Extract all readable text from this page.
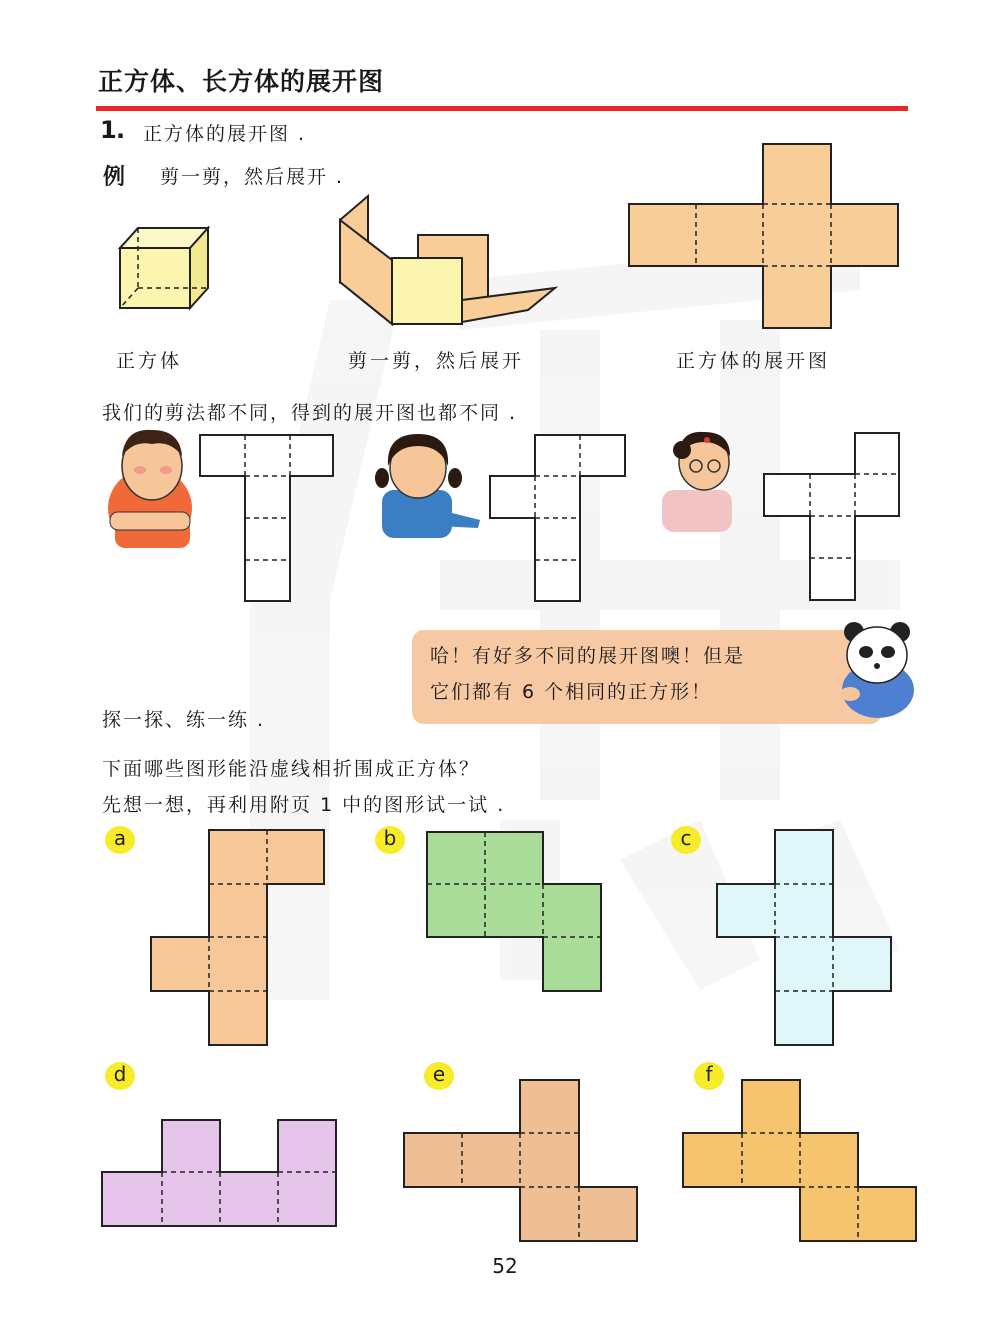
正方体、长方体的展开图
1 . 正方体的展开图 .
例 剪一剪，然后展开 .
正方体	剪一剪，然后展开	正方体的展开图
我们的剪法都不同，得到的展开图也都不同 .
哈！有好多不同的展开图噢！但是
它们都有 6 个相同的正方形！
探一探、练一练 .
下面哪些图形能沿虚线相折围成正方体？
先想一想，再利用附页 1 中的图形试一试 .
a	b	c
d	e	f
52
